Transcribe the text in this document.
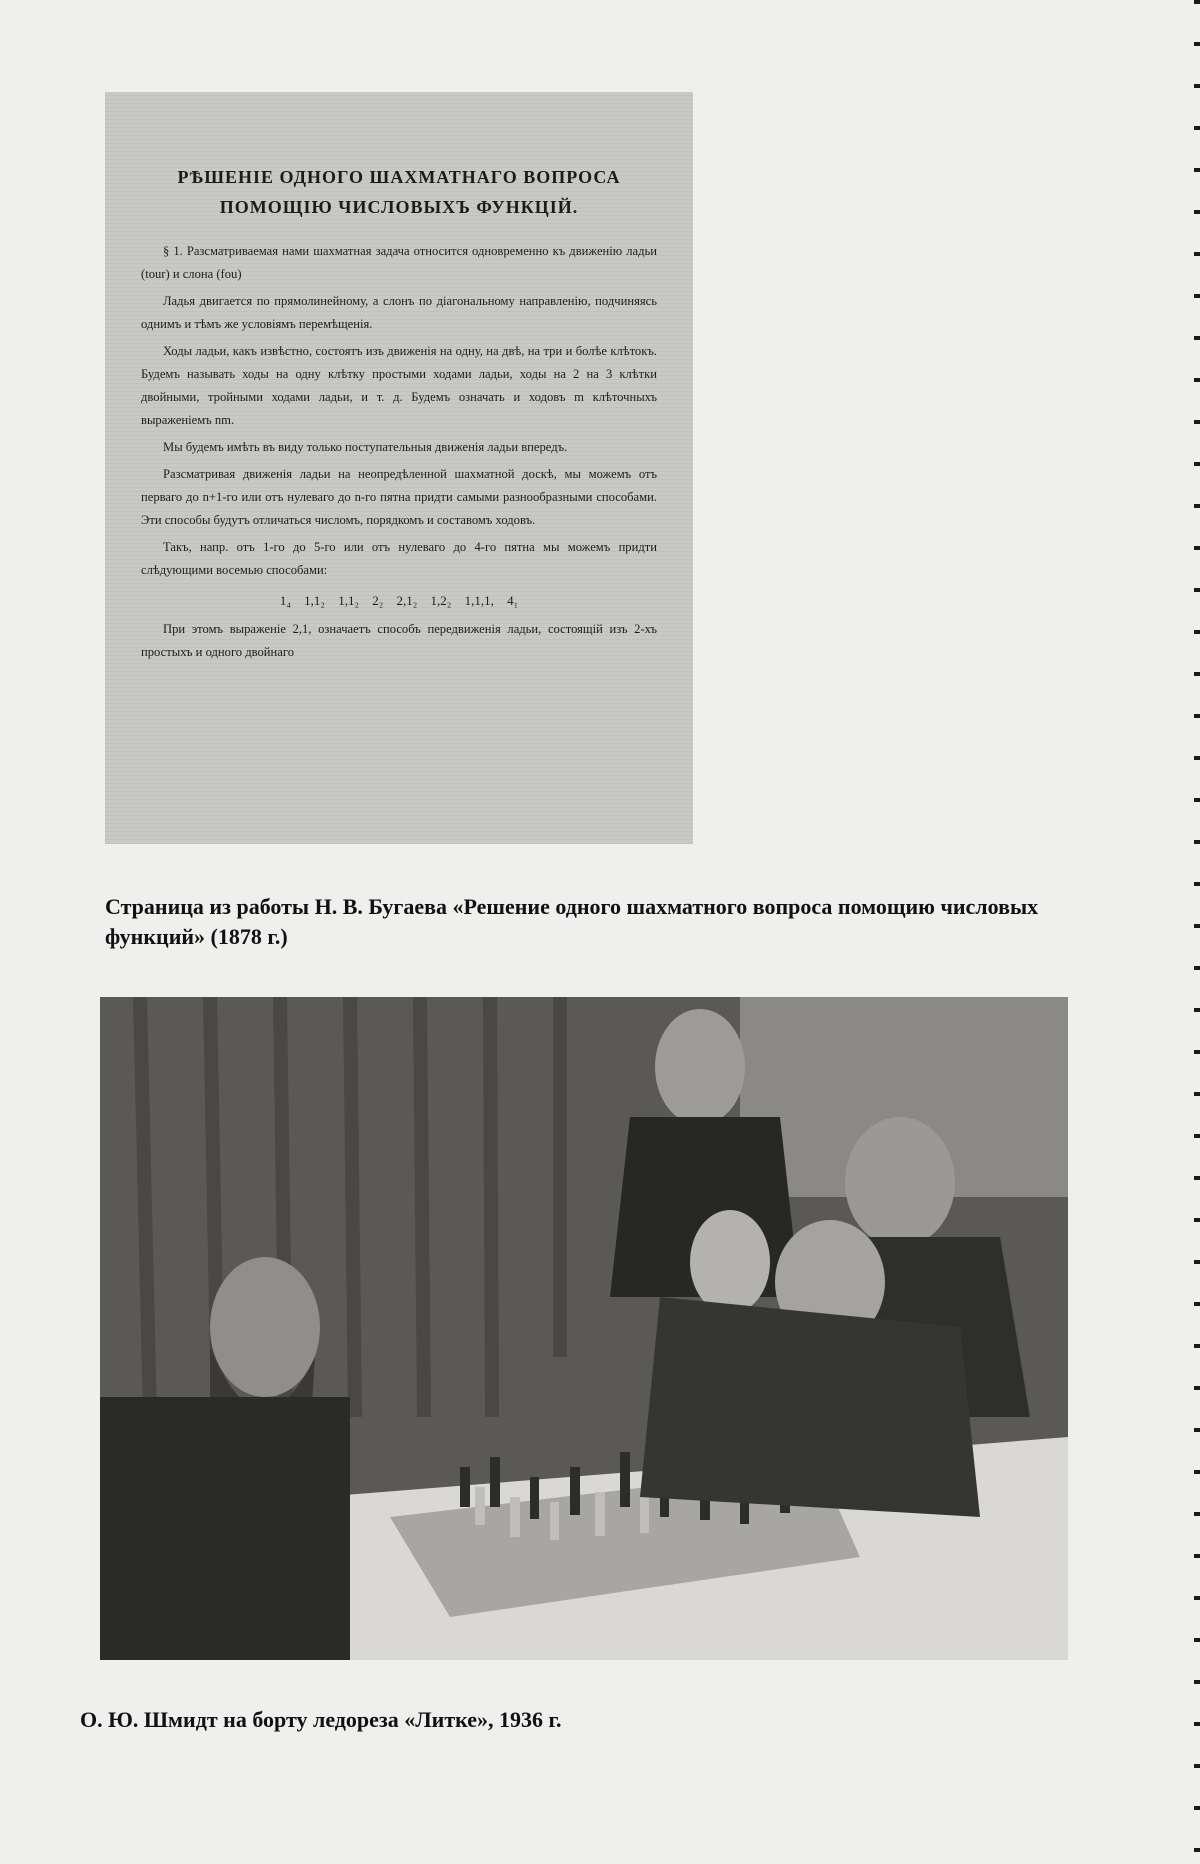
РѢШЕНІЕ ОДНОГО ШАХМАТНАГО ВОПРОСА
ПОМОЩІЮ ЧИСЛОВЫХЪ ФУНКЦІЙ.

§ 1. Разсматриваемая нами шахматная задача относится одновременно къ движенію ладьи (tour) и слона (fou)

Ладья двигается по прямолинейному, а слонъ по діагональному направленію, подчиняясь однимъ и тѣмъ же условіямъ перемѣщенія.

Ходы ладьи, какъ извѣстно, состоятъ изъ движенія на одну, на двѣ, на три и болѣе клѣтокъ. Будемъ называть ходы на одну клѣтку простыми ходами ладьи, ходы на 2 на 3 клѣтки двойными, тройными ходами ладьи, и т. д. Будемъ означать и ходовъ m клѣточныхъ выраженіемъ nm.

Мы будемъ имѣть въ виду только поступательныя движенія ладьи впередъ.

Разсматривая движенія ладьи на неопредѣленной шахматной доскѣ, мы можемъ отъ перваго до n+1-го или отъ нулеваго до n-го пятна придти самыми разнообразными способами. Эти способы будутъ отличаться числомъ, порядкомъ и составомъ ходовъ.

Такъ, напр. отъ 1-го до 5-го или отъ нулеваго до 4-го пятна мы можемъ придти слѣдующими восемью способами:

1₄ 1,1₂ 1,1₂ 2₂ 2,1₂ 1,2₂ 1,1,1, 4₁

При этомъ выраженіе 2,1, означаетъ способъ передвиженія ладьи, состоящій изъ 2-хъ простыхъ и одного двойнаго

Страница из работы Н. В. Бугаева «Решение одного шахматного вопроса помощию числовых функций» (1878 г.)
О. Ю. Шмидт на борту ледореза «Литке», 1936 г.
